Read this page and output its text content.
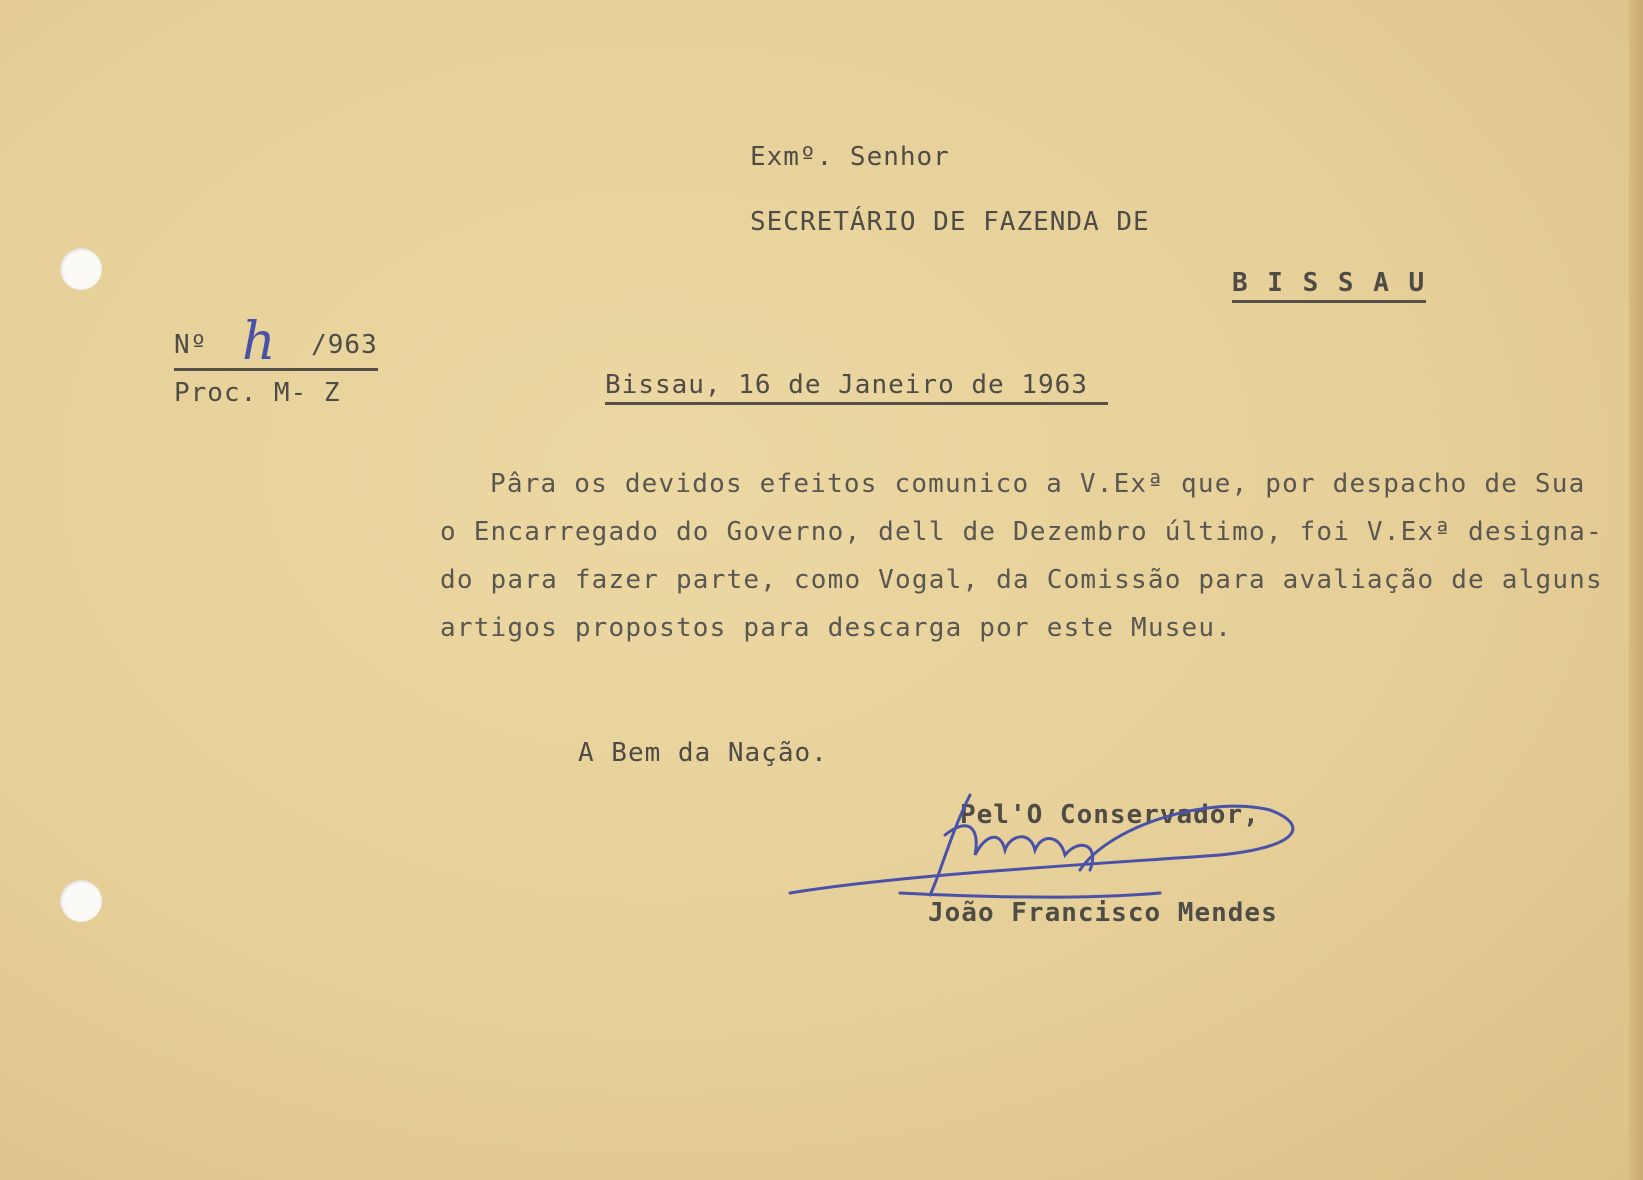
Exmº. Senhor
SECRETÁRIO DE FAZENDA DE
B I S S A U
Nº h /963
Proc. M- Z	Bissau, 16 de Janeiro de 1963
Pâra os devidos efeitos comunico a V.Exª que, por despacho de Sua
o Encarregado do Governo, dell de Dezembro último, foi V.Exª designa-
do para fazer parte, como Vogal, da Comissão para avaliação de alguns
artigos propostos para descarga por este Museu.
A Bem da Nação.
Pel'O Conservador,
João Francisco Mendes
